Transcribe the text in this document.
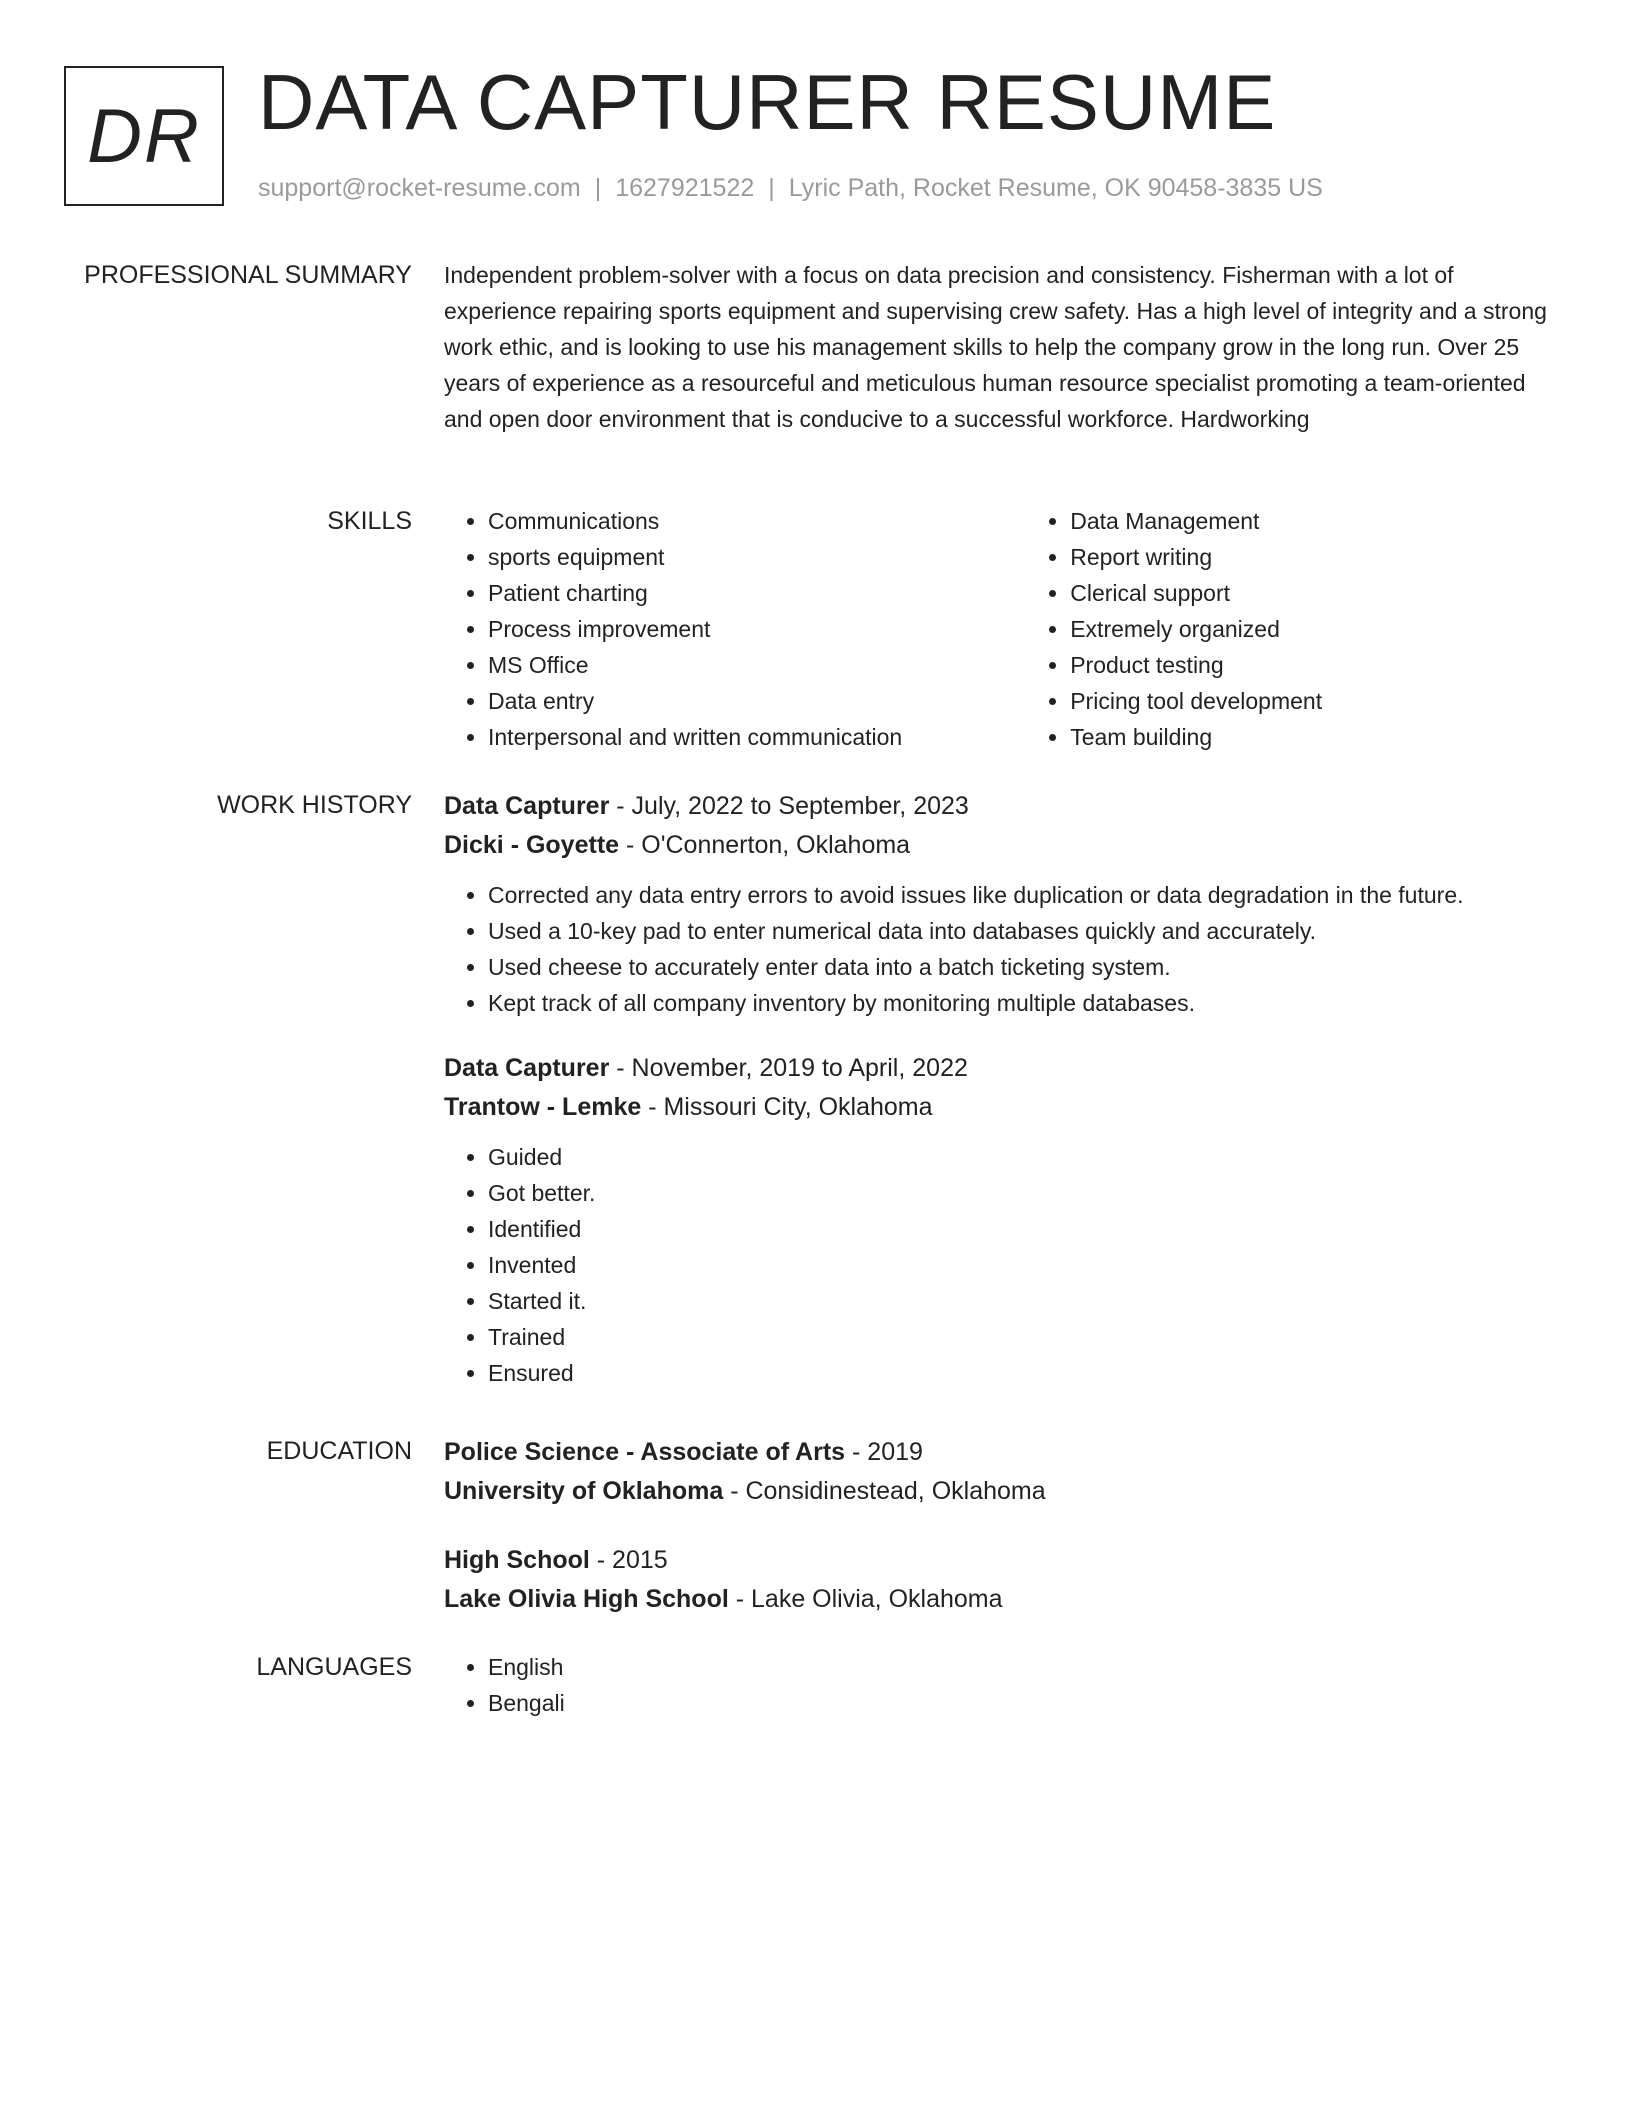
DR DATA CAPTURER RESUME
support@rocket-resume.com | 1627921522 | Lyric Path, Rocket Resume, OK 90458-3835 US
PROFESSIONAL SUMMARY Independent problem-solver with a focus on data precision and consistency. Fisherman with a lot of experience repairing sports equipment and supervising crew safety. Has a high level of integrity and a strong work ethic, and is looking to use his management skills to help the company grow in the long run. Over 25 years of experience as a resourceful and meticulous human resource specialist promoting a team-oriented and open door environment that is conducive to a successful workforce. Hardworking

SKILLS	• Communications
• sports equipment
• Patient charting
• Process improvement
• MS Office
• Data entry
• Interpersonal and written communication
• Data Management
• Report writing
• Clerical support
• Extremely organized
• Product testing
• Pricing tool development
• Team building
WORK HISTORY Data Capturer - July, 2022 to September, 2023
Dicki - Goyette - O'Connerton, Oklahoma
• Corrected any data entry errors to avoid issues like duplication or data degradation in the future.
• Used a 10-key pad to enter numerical data into databases quickly and accurately.
• Used cheese to accurately enter data into a batch ticketing system.
• Kept track of all company inventory by monitoring multiple databases.
Data Capturer - November, 2019 to April, 2022
Trantow - Lemke - Missouri City, Oklahoma
• Guided
• Got better.
• Identified
• Invented
• Started it.
• Trained
• Ensured
EDUCATION Police Science - Associate of Arts - 2019
University of Oklahoma - Considinestead, Oklahoma
High School - 2015
Lake Olivia High School - Lake Olivia, Oklahoma
LANGUAGES	• English
• Bengali
